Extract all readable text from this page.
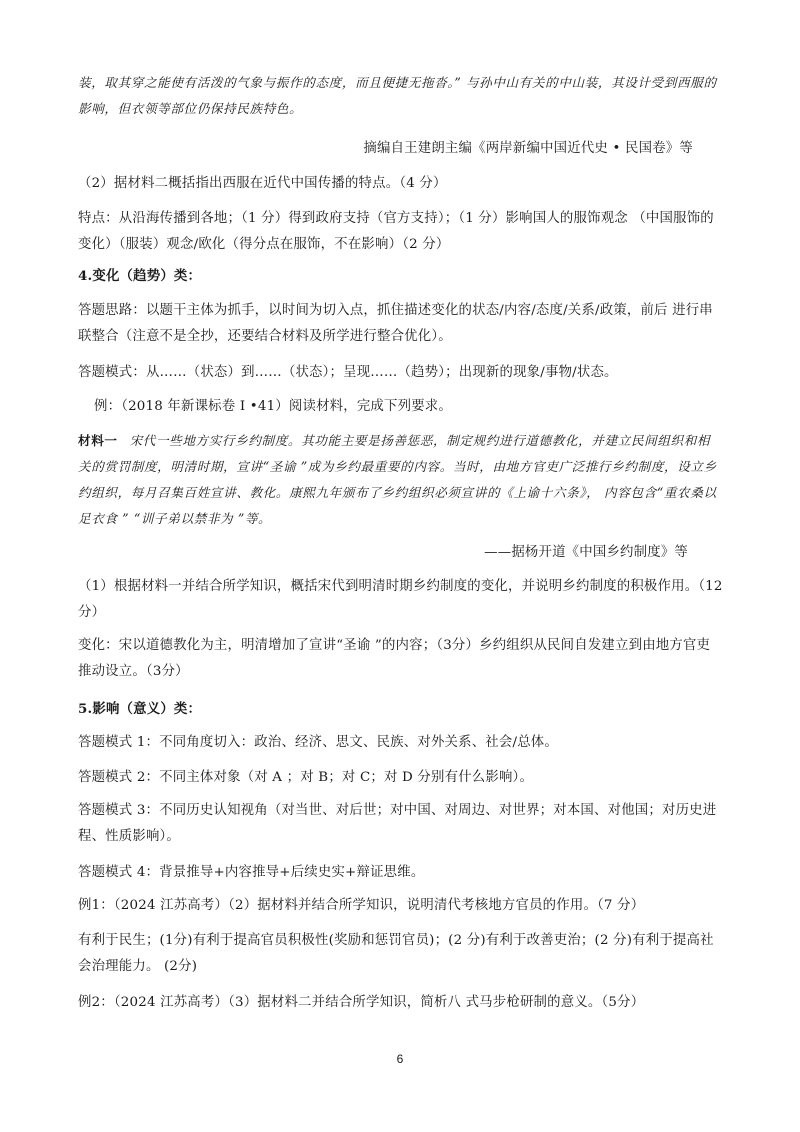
装，取其穿之能使有活泼的气象与振作的态度，而且便捷无拖沓。” 与孙中山有关的中山装，其设计受到西服的影响，但衣领等部位仍保持民族特色。

摘编自王建朗主编《两岸新编中国近代史 • 民国卷》等

（2）据材料二概括指出西服在近代中国传播的特点。（4 分）

特点：从沿海传播到各地；（1 分）得到政府支持（官方支持）；（1 分）影响国人的服饰观念 （中国服饰的变化）（服装）观念/欧化（得分点在服饰，不在影响）（2 分）

4.变化（趋势）类：

答题思路：以题干主体为抓手，以时间为切入点，抓住描述变化的状态/内容/态度/关系/政策，前后 进行串联整合（注意不是全抄，还要结合材料及所学进行整合优化）。

答题模式：从……（状态）到……（状态）；呈现……（趋势）；出现新的现象/事物/状态。

例：（2018 年新课标卷 Ⅰ •41）阅读材料，完成下列要求。

材料一 宋代一些地方实行乡约制度。其功能主要是扬善惩恶，制定规约进行道德教化，并建立民间组织和相关的赏罚制度，明清时期，宣讲“圣谕 ”成为乡约最重要的内容。当时，由地方官吏广泛推行乡约制度，设立乡约组织，每月召集百姓宣讲、教化。康熙九年颁布了乡约组织必须宣讲的《上谕十六条》， 内容包含“重农桑以足衣食 ” “训子弟以禁非为 ”等。

——据杨开道《中国乡约制度》等

（1）根据材料一并结合所学知识，概括宋代到明清时期乡约制度的变化，并说明乡约制度的积极作用。（12 分）

变化：宋以道德教化为主，明清增加了宣讲“圣谕 ”的内容；（3分）乡约组织从民间自发建立到由地方官吏推动设立。（3分）

5.影响（意义）类：

答题模式 1：不同角度切入：政治、经济、思文、民族、对外关系、社会/总体。

答题模式 2：不同主体对象（对 A ；对 B；对 C；对 D 分别有什么影响）。

答题模式 3：不同历史认知视角（对当世、对后世；对中国、对周边、对世界；对本国、对他国；对历史进程、性质影响）。

答题模式 4：背景推导+内容推导+后续史实+辩证思维。

例1：（2024 江苏高考）（2）据材料并结合所学知识，说明清代考核地方官员的作用。（7 分）

有利于民生；(1分)有利于提高官员积极性(奖励和惩罚官员)；(2 分)有利于改善吏治；(2 分)有利于提高社会治理能力。 (2分)

例2：（2024 江苏高考）（3）据材料二并结合所学知识，简析八 式马步枪研制的意义。（5分）

6
